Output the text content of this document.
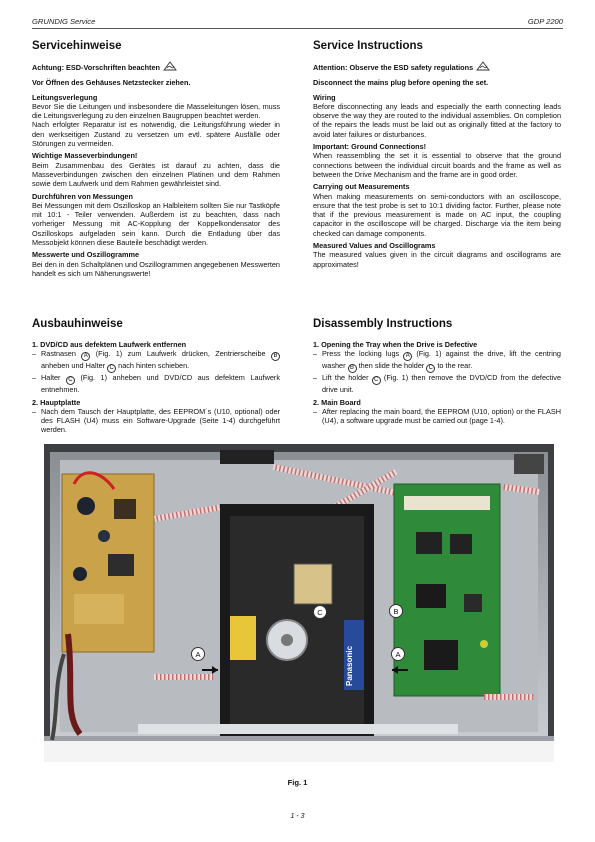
GRUNDIG Service	GDP 2200
Servicehinweise
Achtung: ESD-Vorschriften beachten
Vor Öffnen des Gehäuses Netzstecker ziehen.
Leitungsverlegung
Bevor Sie die Leitungen und insbesondere die Masseleitungen lösen, muss die Leitungsverlegung zu den einzelnen Baugruppen beachtet werden.
Nach erfolgter Reparatur ist es notwendig, die Leitungsführung wieder in den werkseitigen Zustand zu versetzen um evtl. spätere Ausfälle oder Störungen zu vermeiden.
Wichtige Masseverbindungen!
Beim Zusammenbau des Gerätes ist darauf zu achten, dass die Masseverbindungen zwischen den einzelnen Platinen und dem Rahmen sowie dem Laufwerk und dem Rahmen gewährleistet sind.
Durchführen von Messungen
Bei Messungen mit dem Oszilloskop an Halbleitern sollten Sie nur Tastköpfe mit 10:1 - Teiler verwenden. Außerdem ist zu beachten, dass nach vorheriger Messung mit AC-Kopplung der Koppelkondensator des Oszilloskops aufgeladen sein kann. Durch die Entladung über das Messobjekt können diese Bauteile beschädigt werden.
Messwerte und Oszillogramme
Bei den in den Schaltplänen und Oszillogrammen angegebenen Messwerten handelt es sich um Näherungswerte!
Service Instructions
Attention: Observe the ESD safety regulations
Disconnect the mains plug before opening the set.
Wiring
Before disconnecting any leads and especially the earth connecting leads observe the way they are routed to the individual assemblies. On completion of the repairs the leads must be laid out as originally fitted at the factory to avoid later failures or disturbances.
Important: Ground Connections!
When reassembling the set it is essential to observe that the ground connections between the individual circuit boards and the frame as well as between the Drive Mechanism and the frame are in good order.
Carrying out Measurements
When making measurements on semi-conductors with an oscilloscope, ensure that the test probe is set to 10:1 dividing factor. Further, please note that if the previous measurement is made on AC input, the coupling capacitor in the oscilloscope will be charged. Discharge via the item being checked can damage components.
Measured Values and Oscillograms
The measured values given in the circuit diagrams and oscillograms are approximates!
Ausbauhinweise
1. DVD/CD aus defektem Laufwerk entfernen
– Rastnasen A (Fig. 1) zum Laufwerk drücken, Zentrierscheibe B anheben und Halter C nach hinten schieben.
– Halter C (Fig. 1) anheben und DVD/CD aus defektem Laufwerk entnehmen.
2. Hauptplatte
– Nach dem Tausch der Hauptplatte, des EEPROM´s (U10, optional) oder des FLASH (U4) muss ein Software-Upgrade (Seite 1-4) durchgeführt werden.
Disassembly Instructions
1. Opening the Tray when the Drive is Defective
– Press the locking lugs A (Fig. 1) against the drive, lift the centring washer B then slide the holder C to the rear.
– Lift the holder C (Fig. 1) then remove the DVD/CD from the defective drive unit.
2. Main Board
– After replacing the main board, the EEPROM (U10, option) or the FLASH (U4), a software upgrade must be carried out (page 1-4).
Panasonic
A	A
B
C
Fig. 1
1 - 3
